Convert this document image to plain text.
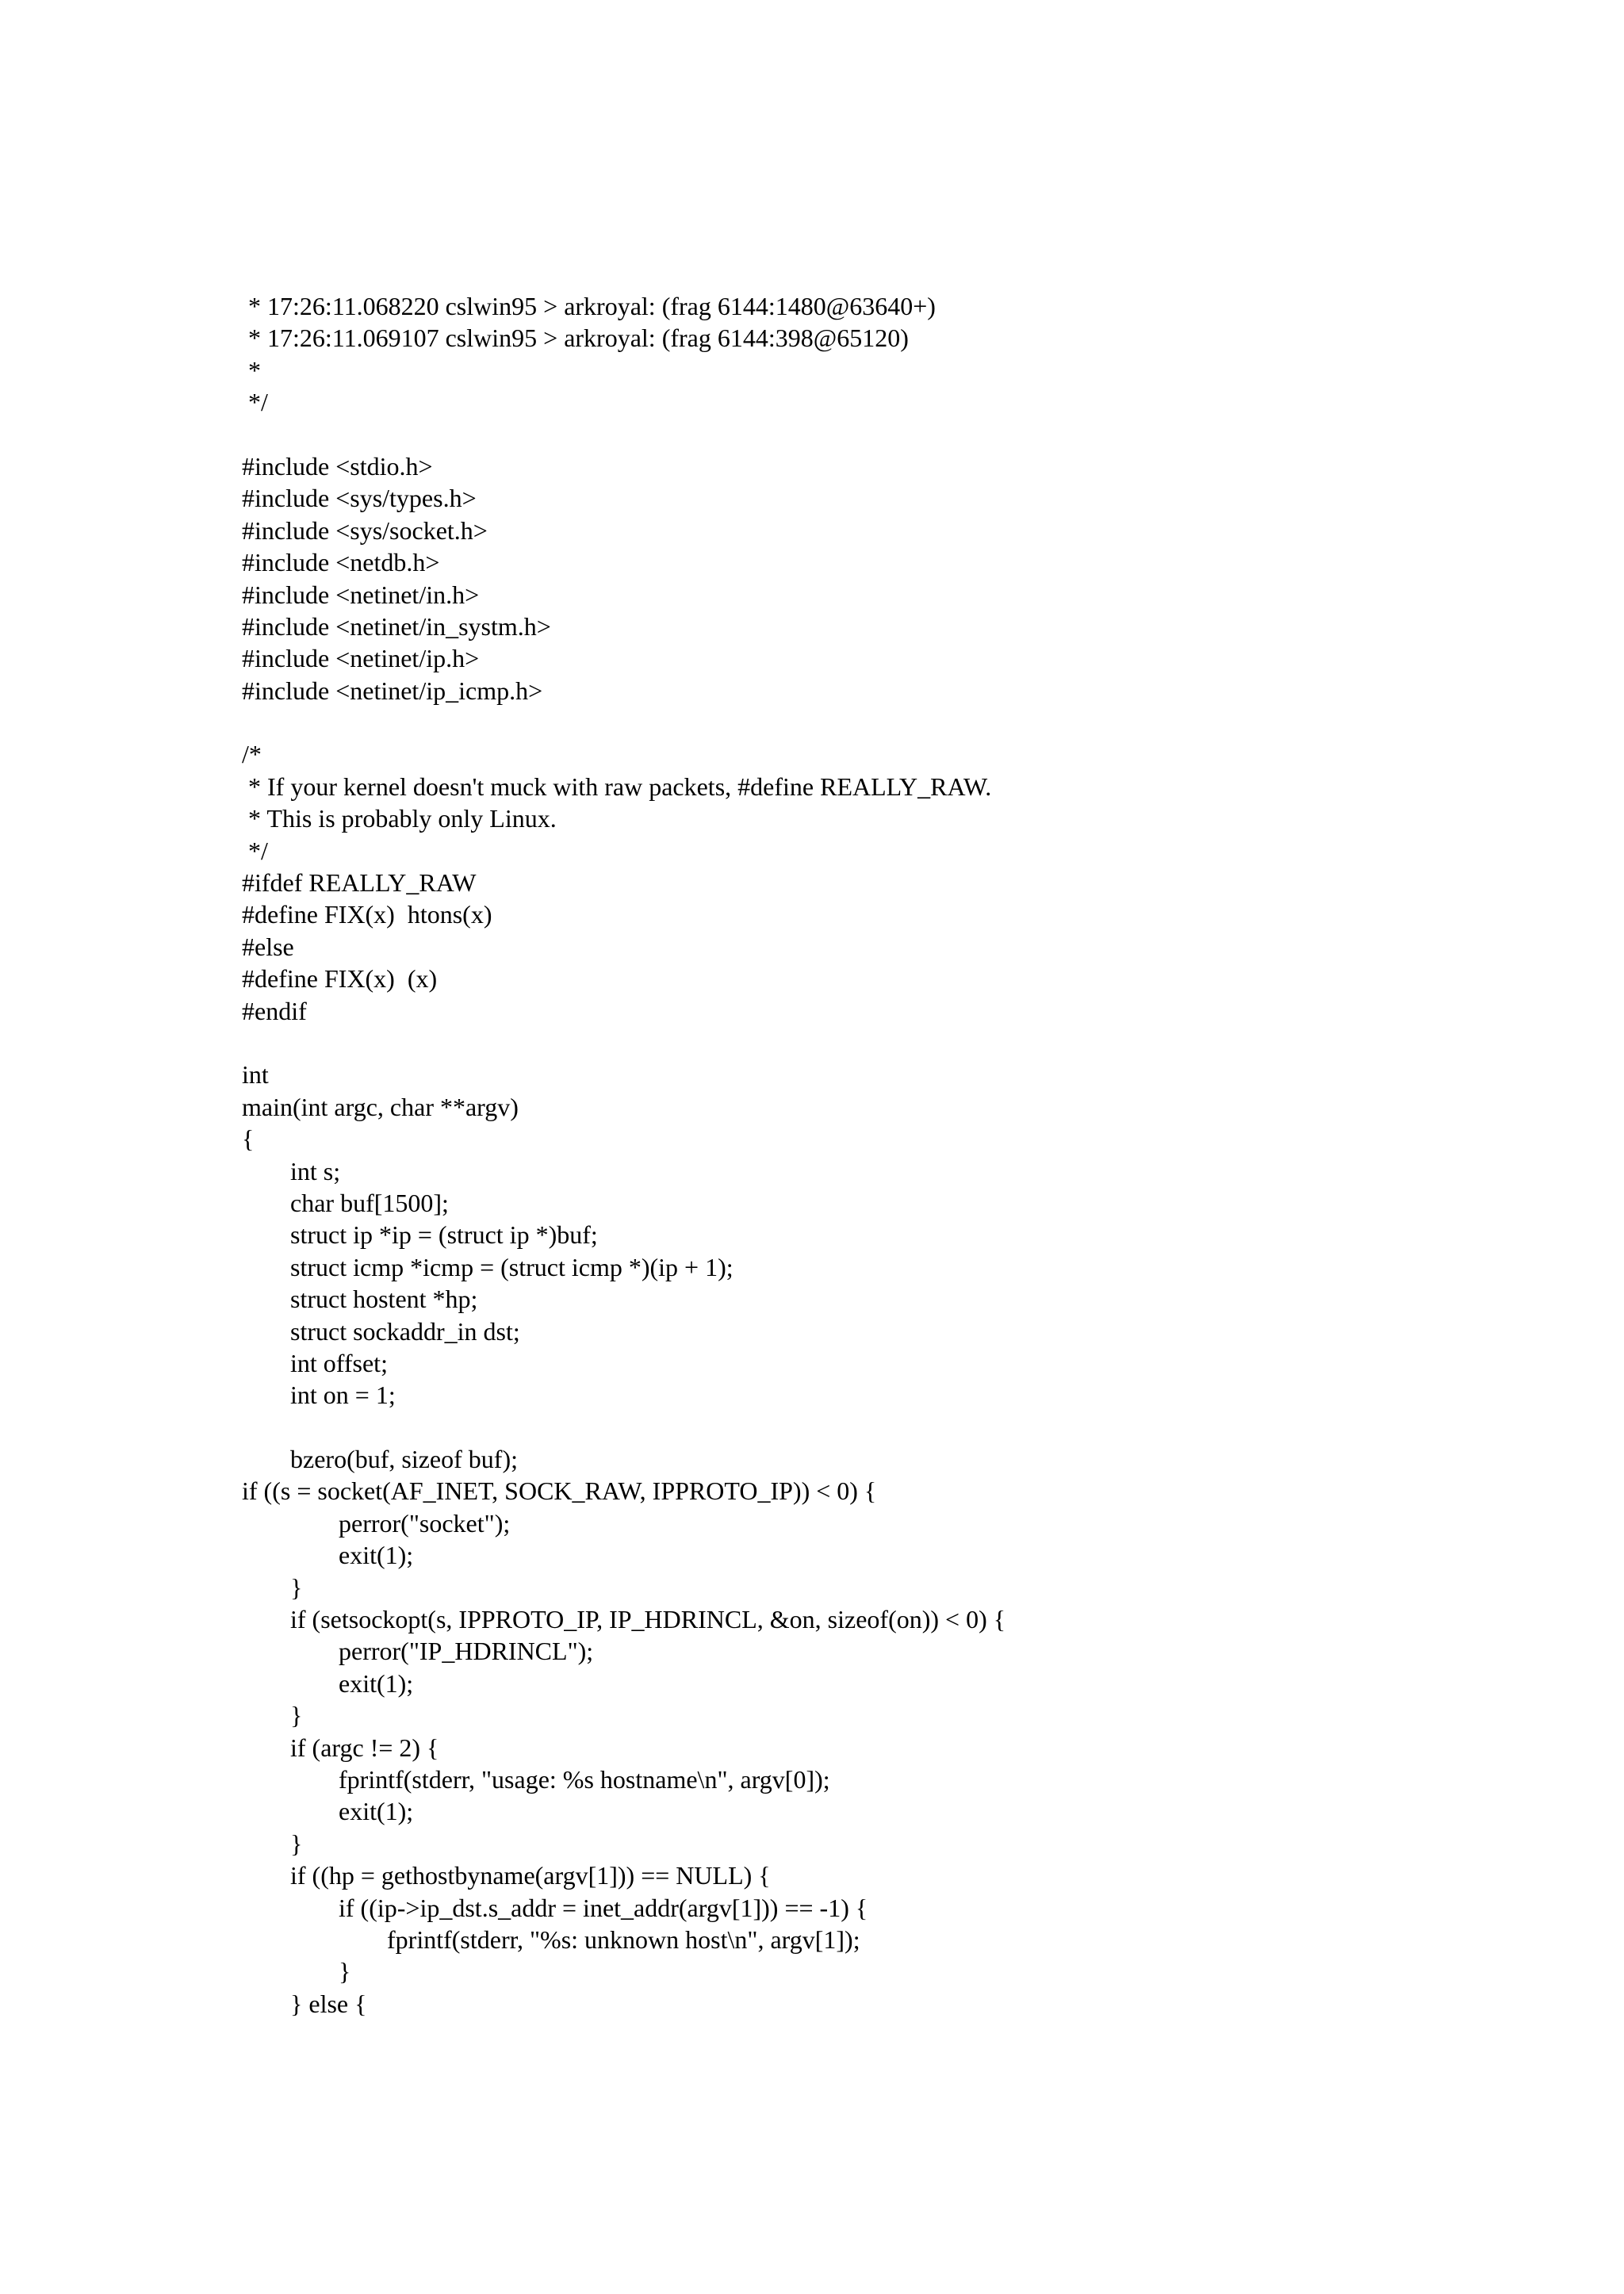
* 17:26:11.068220 cslwin95 > arkroyal: (frag 6144:1480@63640+)
* 17:26:11.069107 cslwin95 > arkroyal: (frag 6144:398@65120)
*
*/
#include <stdio.h>
#include <sys/types.h>
#include <sys/socket.h>
#include <netdb.h>
#include <netinet/in.h>
#include <netinet/in_systm.h>
#include <netinet/ip.h>
#include <netinet/ip_icmp.h>
/*
* If your kernel doesn't muck with raw packets, #define REALLY_RAW.
* This is probably only Linux.
*/
#ifdef REALLY_RAW
#define FIX(x)  htons(x)
#else
#define FIX(x)  (x)
#endif
int
main(int argc, char **argv)
{
int s;
char buf[1500];
struct ip *ip = (struct ip *)buf;
struct icmp *icmp = (struct icmp *)(ip + 1);
struct hostent *hp;
struct sockaddr_in dst;
int offset;
int on = 1;
bzero(buf, sizeof buf);
if ((s = socket(AF_INET, SOCK_RAW, IPPROTO_IP)) < 0) {
perror("socket");
exit(1);
}
if (setsockopt(s, IPPROTO_IP, IP_HDRINCL, &on, sizeof(on)) < 0) {
perror("IP_HDRINCL");
exit(1);
}
if (argc != 2) {
fprintf(stderr, "usage: %s hostname\n", argv[0]);
exit(1);
}
if ((hp = gethostbyname(argv[1])) == NULL) {
if ((ip->ip_dst.s_addr = inet_addr(argv[1])) == -1) {
fprintf(stderr, "%s: unknown host\n", argv[1]);
}
} else {
